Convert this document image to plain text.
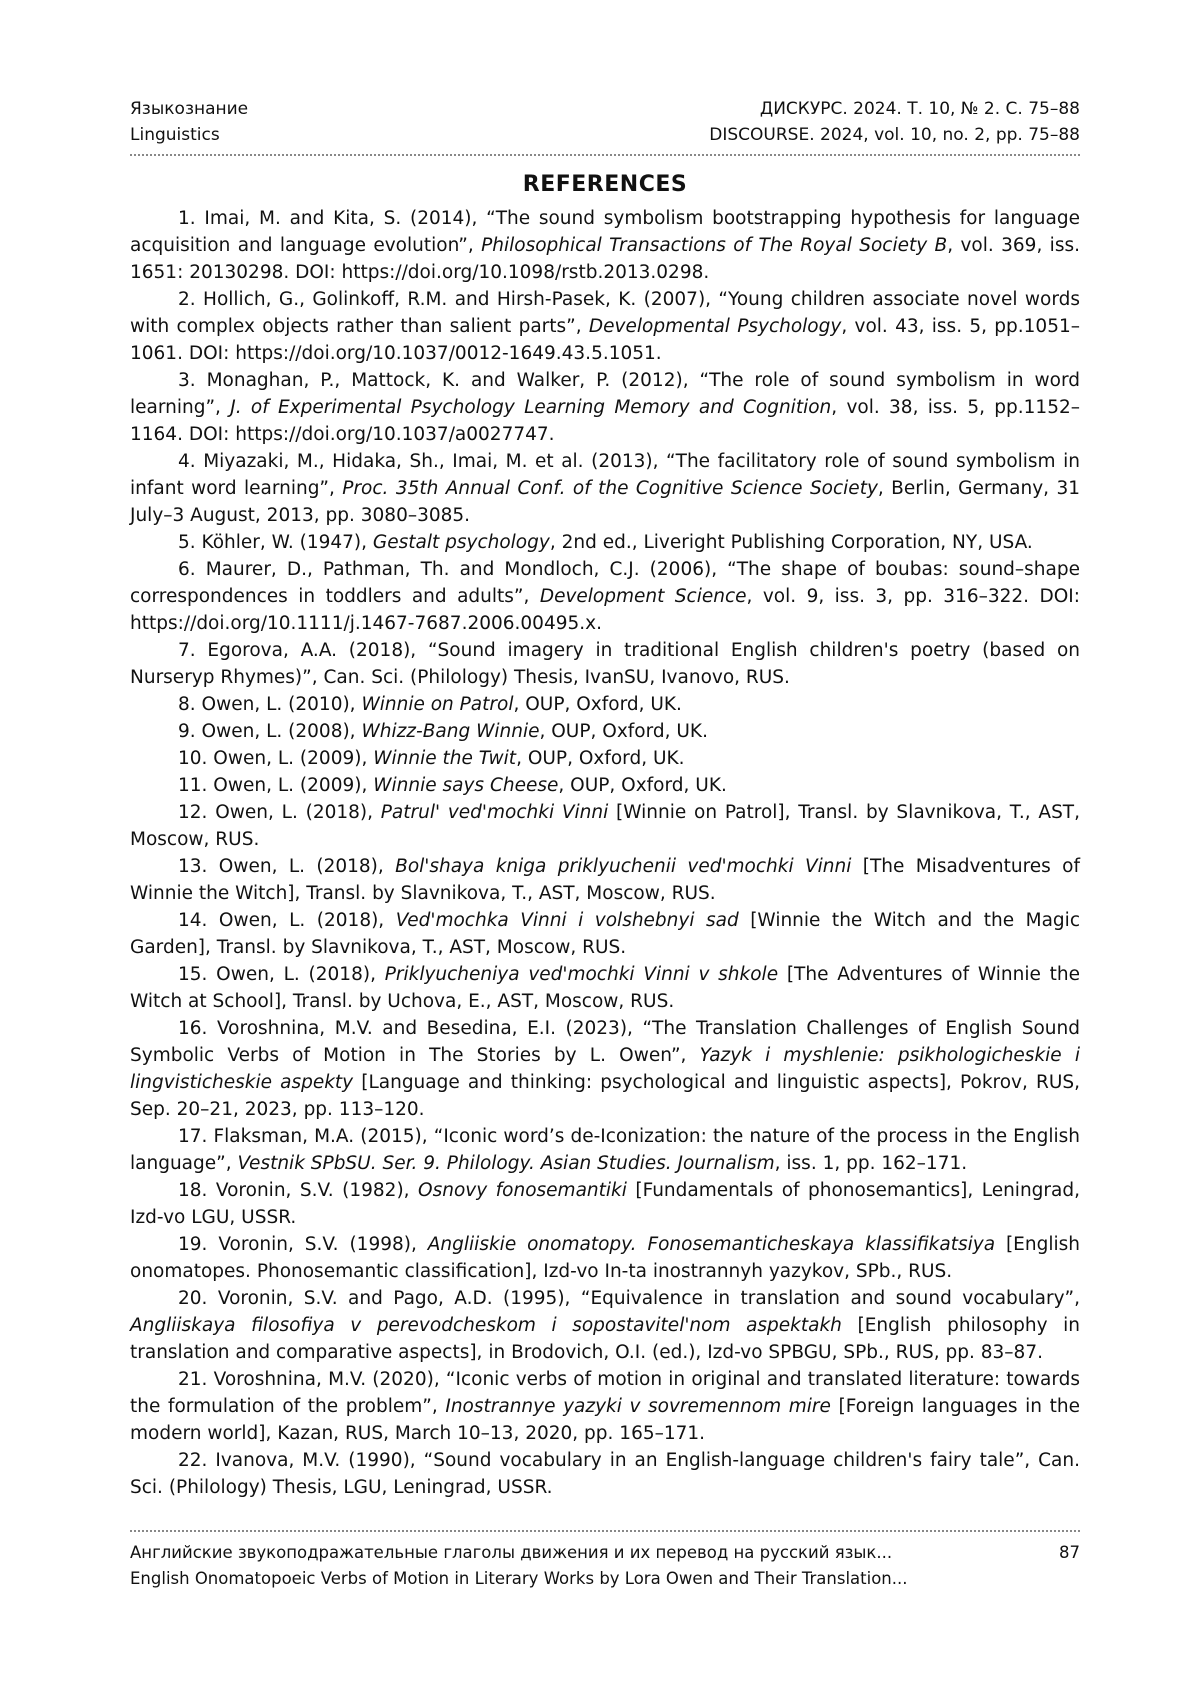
Языкознание
Linguistics
ДИСКУРС. 2024. Т. 10, № 2. С. 75–88
DISCOURSE. 2024, vol. 10, no. 2, pp. 75–88
REFERENCES

1. Imai, M. and Kita, S. (2014), “The sound symbolism bootstrapping hypothesis for language acquisition and language evolution”, Philosophical Transactions of The Royal Society B, vol. 369, iss. 1651: 20130298. DOI: https://doi.org/10.1098/rstb.2013.0298.

2. Hollich, G., Golinkoff, R.M. and Hirsh-Pasek, K. (2007), “Young children associate novel words with complex objects rather than salient parts”, Developmental Psychology, vol. 43, iss. 5, pp.1051–1061. DOI: https://doi.org/10.1037/0012-1649.43.5.1051.

3. Monaghan, P., Mattock, K. and Walker, P. (2012), “The role of sound symbolism in word learning”, J. of Experimental Psychology Learning Memory and Cognition, vol. 38, iss. 5, pp.1152–1164. DOI: https://doi.org/10.1037/a0027747.

4. Miyazaki, M., Hidaka, Sh., Imai, M. et al. (2013), “The facilitatory role of sound symbolism in infant word learning”, Proc. 35th Annual Conf. of the Cognitive Science Society, Berlin, Germany, 31 July–3 August, 2013, pp. 3080–3085.

5. Köhler, W. (1947), Gestalt psychology, 2nd ed., Liveright Publishing Corporation, NY, USA.

6. Maurer, D., Pathman, Th. and Mondloch, C.J. (2006), “The shape of boubas: sound–shape correspondences in toddlers and adults”, Development Science, vol. 9, iss. 3, pp. 316–322. DOI: https://doi.org/10.1111/j.1467-7687.2006.00495.x.

7. Egorova, A.A. (2018), “Sound imagery in traditional English children's poetry (based on Nurseryp Rhymes)”, Can. Sci. (Philology) Thesis, IvanSU, Ivanovo, RUS.

8. Owen, L. (2010), Winnie on Patrol, OUP, Oxford, UK.

9. Owen, L. (2008), Whizz-Bang Winnie, OUP, Oxford, UK.

10. Owen, L. (2009), Winnie the Twit, OUP, Oxford, UK.

11. Owen, L. (2009), Winnie says Cheese, OUP, Oxford, UK.

12. Owen, L. (2018), Patrul' ved'mochki Vinni [Winnie on Patrol], Transl. by Slavnikova, T., AST, Moscow, RUS.

13. Owen, L. (2018), Bol'shaya kniga priklyuchenii ved'mochki Vinni [The Misadventures of Winnie the Witch], Transl. by Slavnikova, T., AST, Moscow, RUS.

14. Owen, L. (2018), Ved'mochka Vinni i volshebnyi sad [Winnie the Witch and the Magic Garden], Transl. by Slavnikova, T., AST, Moscow, RUS.

15. Owen, L. (2018), Priklyucheniya ved'mochki Vinni v shkole [The Adventures of Winnie the Witch at School], Transl. by Uchova, E., AST, Moscow, RUS.

16. Voroshnina, M.V. and Besedina, E.I. (2023), “The Translation Challenges of English Sound Symbolic Verbs of Motion in The Stories by L. Owen”, Yazyk i myshlenie: psikhologicheskie i lingvisticheskie aspekty [Language and thinking: psychological and linguistic aspects], Pokrov, RUS, Sep. 20–21, 2023, pp. 113–120.

17. Flaksman, M.A. (2015), “Iconic word’s de-Iconization: the nature of the process in the English language”, Vestnik SPbSU. Ser. 9. Philology. Asian Studies. Journalism, iss. 1, pp. 162–171.

18. Voronin, S.V. (1982), Osnovy fonosemantiki [Fundamentals of phonosemantics], Leningrad, Izd-vo LGU, USSR.

19. Voronin, S.V. (1998), Angliiskie onomatopy. Fonosemanticheskaya klassifikatsiya [English onomatopes. Phonosemantic classification], Izd-vo In-ta inostrannyh yazykov, SPb., RUS.

20. Voronin, S.V. and Pago, A.D. (1995), “Equivalence in translation and sound vocabulary”, Angliiskaya filosofiya v perevodcheskom i sopostavitel'nom aspektakh [English philosophy in translation and comparative aspects], in Brodovich, O.I. (ed.), Izd-vo SPBGU, SPb., RUS, pp. 83–87.

21. Voroshnina, M.V. (2020), “Iconic verbs of motion in original and translated literature: towards the formulation of the problem”, Inostrannye yazyki v sovremennom mire [Foreign languages in the modern world], Kazan, RUS, March 10–13, 2020, pp. 165–171.

22. Ivanova, M.V. (1990), “Sound vocabulary in an English-language children's fairy tale”, Can. Sci. (Philology) Thesis, LGU, Leningrad, USSR.

Английские звукоподражательные глаголы движения и их перевод на русский язык...	87
English Onomatopoeic Verbs of Motion in Literary Works by Lora Owen and Their Translation...
